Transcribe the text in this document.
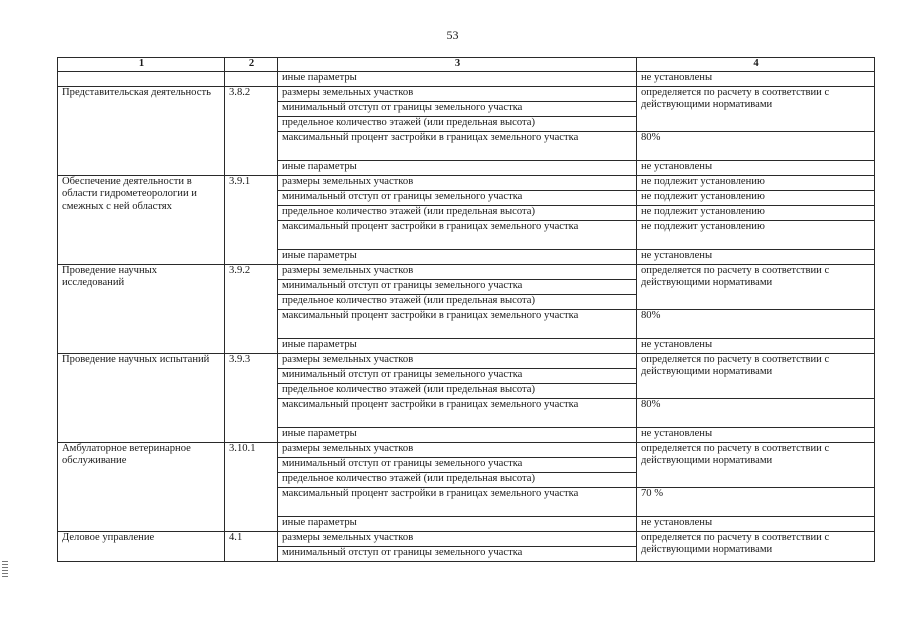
53
1	2	3	4
		иные параметры	не установлены
Представительская деятельность	3.8.2	размеры земельных участков	определяется по расчету в соответствии с действующими нормативами
		минимальный отступ от границы земельного участка	
		предельное количество этажей (или предельная высота)	
		максимальный процент застройки в границах земельного участка	80%
		иные параметры	не установлены
Обеспечение деятельности в области гидрометеорологии и смежных с ней областях	3.9.1	размеры земельных участков	не подлежит установлению
		минимальный отступ от границы земельного участка	не подлежит установлению
		предельное количество этажей (или предельная высота)	не подлежит установлению
		максимальный процент застройки в границах земельного участка	не подлежит установлению
		иные параметры	не установлены
Проведение научных исследований	3.9.2	размеры земельных участков	определяется по расчету в соответствии с действующими нормативами
		минимальный отступ от границы земельного участка	
		предельное количество этажей (или предельная высота)	
		максимальный процент застройки в границах земельного участка	80%
		иные параметры	не установлены
Проведение научных испытаний	3.9.3	размеры земельных участков	определяется по расчету в соответствии с действующими нормативами
		минимальный отступ от границы земельного участка	
		предельное количество этажей (или предельная высота)	
		максимальный процент застройки в границах земельного участка	80%
		иные параметры	не установлены
Амбулаторное ветеринарное обслуживание	3.10.1	размеры земельных участков	определяется по расчету в соответствии с действующими нормативами
		минимальный отступ от границы земельного участка	
		предельное количество этажей (или предельная высота)	
		максимальный процент застройки в границах земельного участка	70 %
		иные параметры	не установлены
Деловое управление	4.1	размеры земельных участков	определяется по расчету в соответствии с действующими нормативами
		минимальный отступ от границы земельного участка	
